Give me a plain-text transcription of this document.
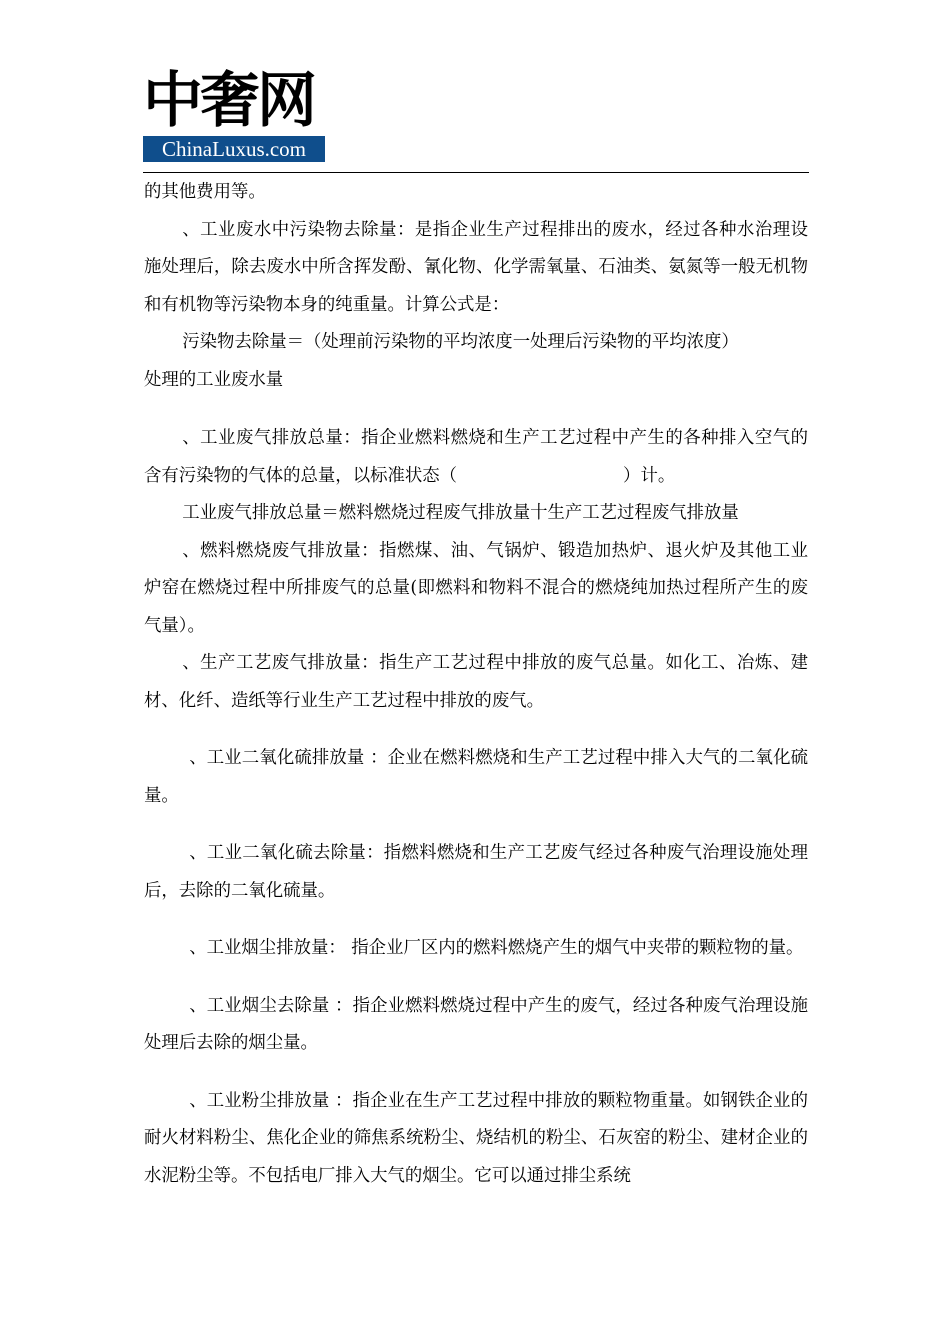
中奢网
ChinaLuxus.com

的其他费用等。

、工业废水中污染物去除量：是指企业生产过程排出的废水，经过各种水治理设施处理后，除去废水中所含挥发酚、氰化物、化学需氧量、石油类、氨氮等一般无机物和有机物等污染物本身的纯重量。计算公式是：

污染物去除量＝（处理前污染物的平均浓度一处理后污染物的平均浓度）

处理的工业废水量

、工业废气排放总量：指企业燃料燃烧和生产工艺过程中产生的各种排入空气的含有污染物的气体的总量，以标准状态（	）计。

工业废气排放总量＝燃料燃烧过程废气排放量十生产工艺过程废气排放量

、燃料燃烧废气排放量：指燃煤、油、气锅炉、锻造加热炉、退火炉及其他工业炉窑在燃烧过程中所排废气的总量(即燃料和物料不混合的燃烧纯加热过程所产生的废气量）。

、生产工艺废气排放量：指生产工艺过程中排放的废气总量。如化工、冶炼、建材、化纤、造纸等行业生产工艺过程中排放的废气。

、工业二氧化硫排放量 ：企业在燃料燃烧和生产工艺过程中排入大气的二氧化硫量。

、工业二氧化硫去除量：指燃料燃烧和生产工艺废气经过各种废气治理设施处理后，去除的二氧化硫量。

、工业烟尘排放量： 指企业厂区内的燃料燃烧产生的烟气中夹带的颗粒物的量。

、工业烟尘去除量 ：指企业燃料燃烧过程中产生的废气，经过各种废气治理设施处理后去除的烟尘量。

、工业粉尘排放量 ：指企业在生产工艺过程中排放的颗粒物重量。如钢铁企业的耐火材料粉尘、焦化企业的筛焦系统粉尘、烧结机的粉尘、石灰窑的粉尘、建材企业的水泥粉尘等。不包括电厂排入大气的烟尘。它可以通过排尘系统
